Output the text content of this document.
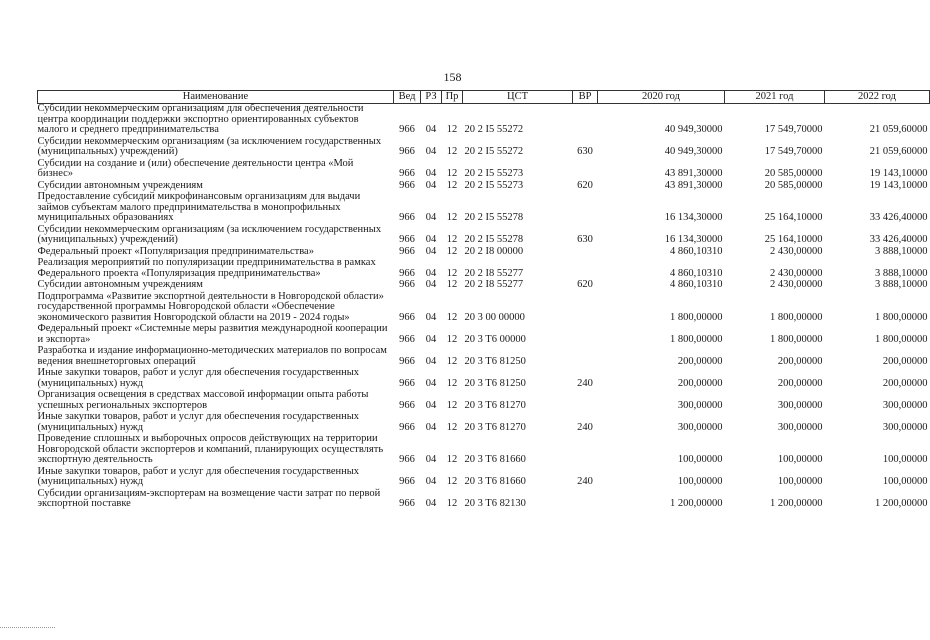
158
Наименование	Вед	РЗ	Пр	ЦСТ	ВР	2020 год	2021 год	2022 год
Субсидии некоммерческим организациям для обеспечения деятельности центра координации поддержки экспортно ориентированных субъектов малого и среднего предпринимательства	966	04	12	20 2 I5 55272		40 949,30000	17 549,70000	21 059,60000
Субсидии некоммерческим организациям (за исключением государственных (муниципальных) учреждений)	966	04	12	20 2 I5 55272	630	40 949,30000	17 549,70000	21 059,60000
Субсидии на создание и (или) обеспечение деятельности центра «Мой бизнес»	966	04	12	20 2 I5 55273		43 891,30000	20 585,00000	19 143,10000
Субсидии автономным учреждениям	966	04	12	20 2 I5 55273	620	43 891,30000	20 585,00000	19 143,10000
Предоставление субсидий микрофинансовым организациям для выдачи займов субъектам малого предпринимательства в монопрофильных муниципальных образованиях	966	04	12	20 2 I5 55278		16 134,30000	25 164,10000	33 426,40000
Субсидии некоммерческим организациям (за исключением государственных (муниципальных) учреждений)	966	04	12	20 2 I5 55278	630	16 134,30000	25 164,10000	33 426,40000
Федеральный проект «Популяризация предпринимательства»	966	04	12	20 2 I8 00000		4 860,10310	2 430,00000	3 888,10000
Реализация мероприятий по популяризации предпринимательства в рамках Федерального проекта «Популяризация предпринимательства»	966	04	12	20 2 I8 55277		4 860,10310	2 430,00000	3 888,10000
Субсидии автономным учреждениям	966	04	12	20 2 I8 55277	620	4 860,10310	2 430,00000	3 888,10000
Подпрограмма «Развитие экспортной деятельности в Новгородской области» государственной программы Новгородской области «Обеспечение экономического развития Новгородской области на 2019 - 2024 годы»	966	04	12	20 3 00 00000		1 800,00000	1 800,00000	1 800,00000
Федеральный проект «Системные меры развития международной кооперации и экспорта»	966	04	12	20 3 T6 00000		1 800,00000	1 800,00000	1 800,00000
Разработка и издание информационно-методических материалов по вопросам ведения внешнеторговых операций	966	04	12	20 3 T6 81250		200,00000	200,00000	200,00000
Иные закупки товаров, работ и услуг для обеспечения государственных (муниципальных) нужд	966	04	12	20 3 T6 81250	240	200,00000	200,00000	200,00000
Организация освещения в средствах массовой информации опыта работы успешных региональных экспортеров	966	04	12	20 3 T6 81270		300,00000	300,00000	300,00000
Иные закупки товаров, работ и услуг для обеспечения государственных (муниципальных) нужд	966	04	12	20 3 T6 81270	240	300,00000	300,00000	300,00000
Проведение сплошных и выборочных опросов действующих на территории Новгородской области экспортеров и компаний, планирующих осуществлять экспортную деятельность	966	04	12	20 3 T6 81660		100,00000	100,00000	100,00000
Иные закупки товаров, работ и услуг для обеспечения государственных (муниципальных) нужд	966	04	12	20 3 T6 81660	240	100,00000	100,00000	100,00000
Субсидии организациям-экспортерам на возмещение части затрат по первой экспортной поставке	966	04	12	20 3 T6 82130		1 200,00000	1 200,00000	1 200,00000
